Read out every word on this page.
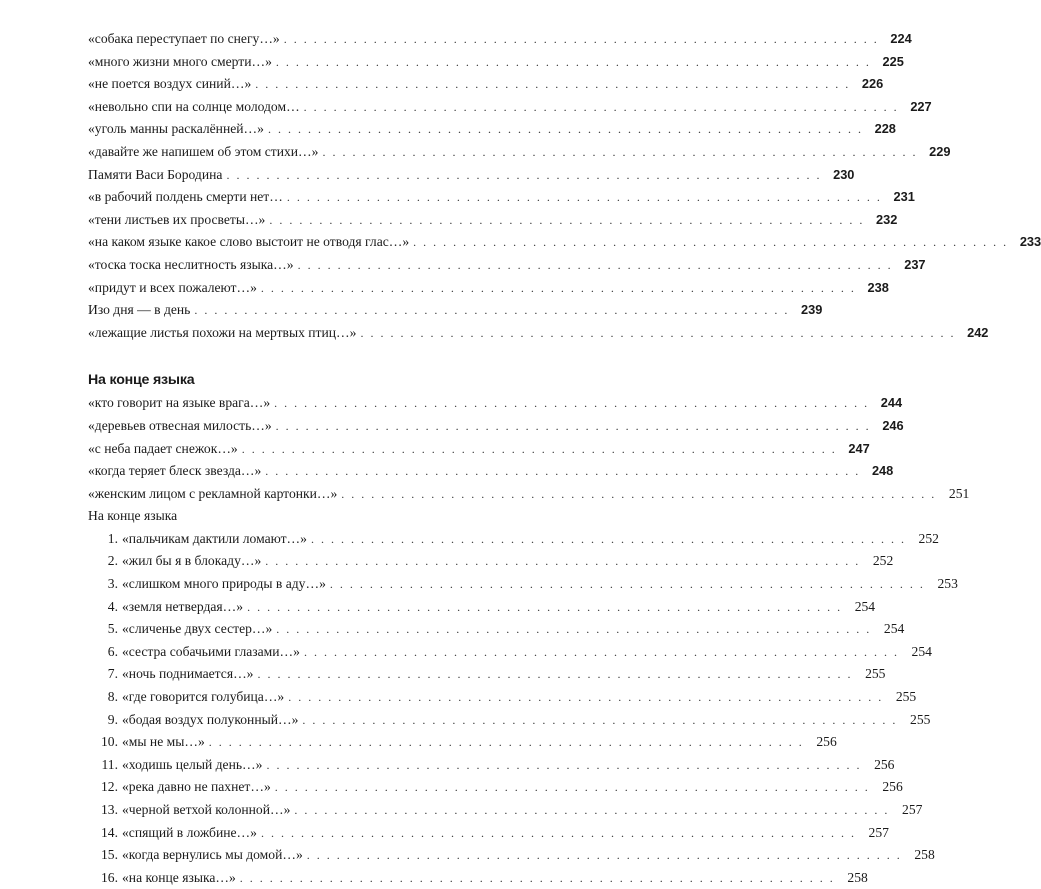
«собака переступает по снегу…» ............................................................ 224
«много жизни много смерти…» ............................................................ 225
«не поется воздух синий…» ............................................................ 226
«невольно спи на солнце молодом… ............................................................ 227
«уголь манны раскалённей…» ............................................................ 228
«давайте же напишем об этом стихи…» ............................................................ 229
Памяти Васи Бородина ............................................................ 230
«в рабочий полдень смерти нет… ............................................................ 231
«тени листьев их просветы…» ............................................................ 232
«на каком языке какое слово выстоит не отводя глас…» ............................................................ 233
«тоска тоска неслитность языка…» ............................................................ 237
«придут и всех пожалеют…» ............................................................ 238
Изо дня — в день ............................................................ 239
«лежащие листья похожи на мертвых птиц…» ............................................................ 242
На конце языка
«кто говорит на языке врага…» ............................................................ 244
«деревьев отвесная милость…» ............................................................ 246
«с неба падает снежок…» ............................................................ 247
«когда теряет блеск звезда…» ............................................................ 248
«женским лицом с рекламной картонки…» ............................................................ 251
На конце языка
1. «пальчикам дактили ломают…» ............................................................ 252
2. «жил бы я в блокаду…» ............................................................ 252
3. «слишком много природы в аду…» ............................................................ 253
4. «земля нетвердая…» ............................................................ 254
5. «сличенье двух сестер…» ............................................................ 254
6. «сестра собачьими глазами…» ............................................................ 254
7. «ночь поднимается…» ............................................................ 255
8. «где говорится голубица…» ............................................................ 255
9. «бодая воздух полуконный…» ............................................................ 255
10. «мы не мы…» ............................................................ 256
11. «ходишь целый день…» ............................................................ 256
12. «река давно не пахнет…» ............................................................ 256
13. «черной ветхой колонной…» ............................................................ 257
14. «спящий в ложбине…» ............................................................ 257
15. «когда вернулись мы домой…» ............................................................ 258
16. «на конце языка…» ............................................................ 258
